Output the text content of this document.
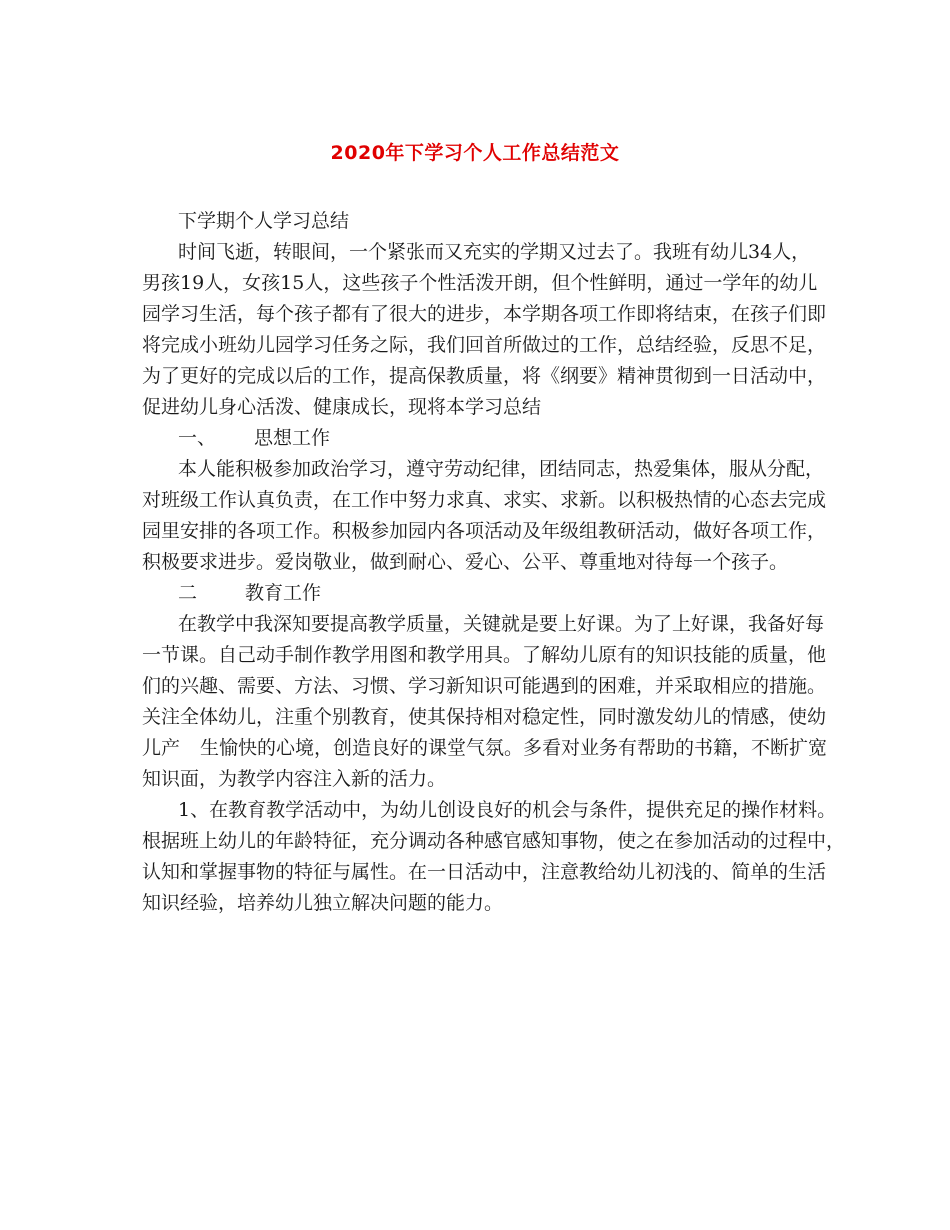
2020年下学习个人工作总结范文
下学期个人学习总结
时间飞逝，转眼间，一个紧张而又充实的学期又过去了。我班有幼儿34人，
男孩19人，女孩15人，这些孩子个性活泼开朗，但个性鲜明，通过一学年的幼儿
园学习生活，每个孩子都有了很大的进步，本学期各项工作即将结束，在孩子们即
将完成小班幼儿园学习任务之际，我们回首所做过的工作，总结经验，反思不足，
为了更好的完成以后的工作，提高保教质量，将《纲要》精神贯彻到一日活动中，
促进幼儿身心活泼、健康成长，现将本学习总结
一、 思想工作
本人能积极参加政治学习，遵守劳动纪律，团结同志，热爱集体，服从分配，
对班级工作认真负责，在工作中努力求真、求实、求新。以积极热情的心态去完成
园里安排的各项工作。积极参加园内各项活动及年级组教研活动，做好各项工作，
积极要求进步。爱岗敬业，做到耐心、爱心、公平、尊重地对待每一个孩子。
二	教育工作
在教学中我深知要提高教学质量，关键就是要上好课。为了上好课，我备好每
一节课。自己动手制作教学用图和教学用具。了解幼儿原有的知识技能的质量，他
们的兴趣、需要、方法、习惯、学习新知识可能遇到的困难，并采取相应的措施。
关注全体幼儿，注重个别教育，使其保持相对稳定性，同时激发幼儿的情感，使幼
儿产 生愉快的心境，创造良好的课堂气氛。多看对业务有帮助的书籍，不断扩宽
知识面，为教学内容注入新的活力。
1、在教育教学活动中，为幼儿创设良好的机会与条件，提供充足的操作材料。
根据班上幼儿的年龄特征，充分调动各种感官感知事物，使之在参加活动的过程中，
认知和掌握事物的特征与属性。在一日活动中，注意教给幼儿初浅的、简单的生活
知识经验，培养幼儿独立解决问题的能力。
